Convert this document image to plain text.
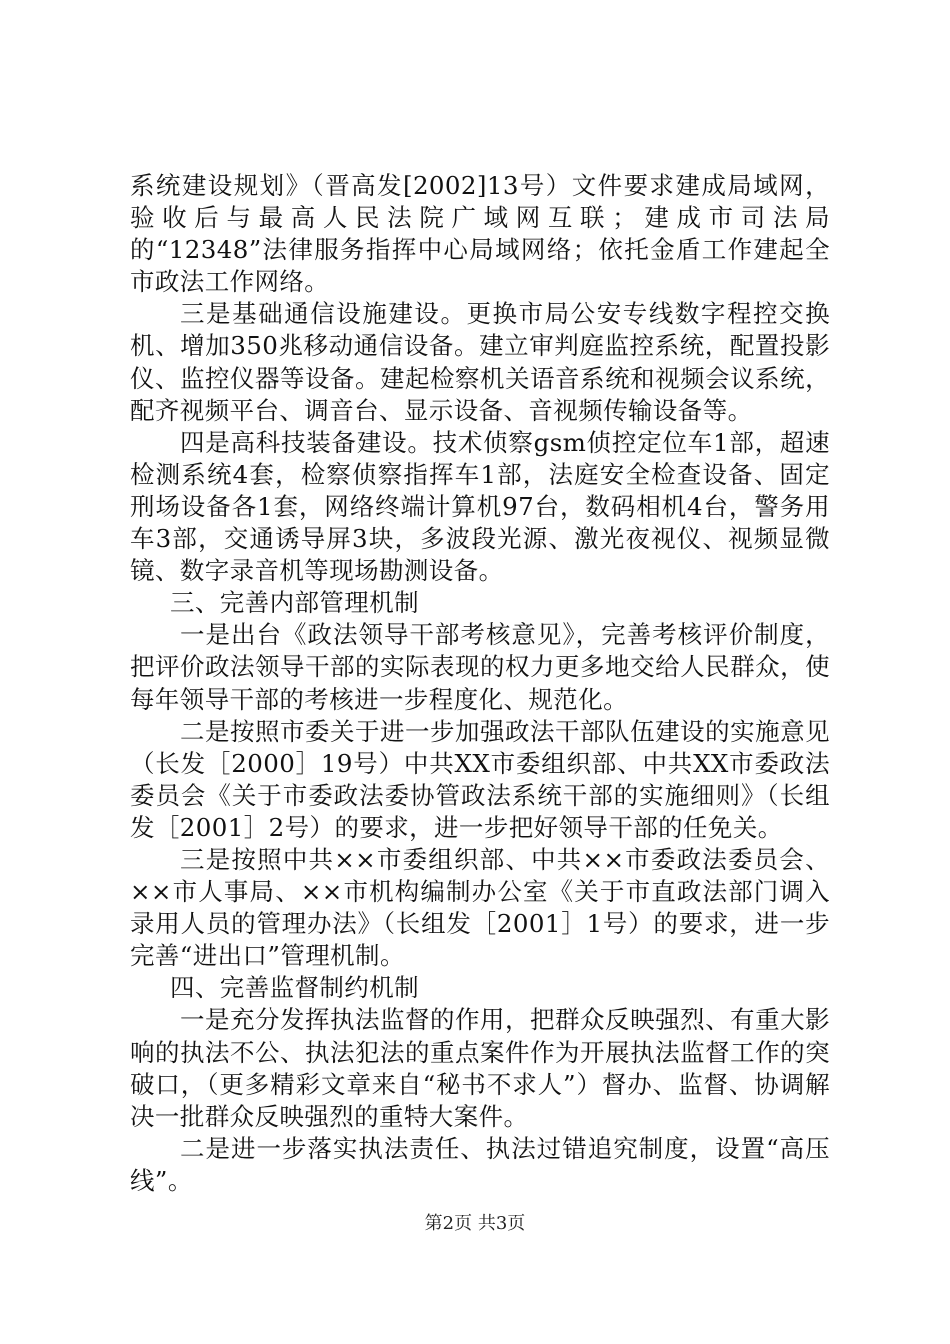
系统建设规划》（晋高发[2002]13号）文件要求建成局域网，验收后与最高人民法院广域网互联；建成市司法局的“12348”法律服务指挥中心局域网络；依托金盾工作建起全市政法工作网络。

三是基础通信设施建设。更换市局公安专线数字程控交换机、增加350兆移动通信设备。建立审判庭监控系统，配置投影仪、监控仪器等设备。建起检察机关语音系统和视频会议系统，配齐视频平台、调音台、显示设备、音视频传输设备等。

四是高科技装备建设。技术侦察gsm侦控定位车1部，超速检测系统4套，检察侦察指挥车1部，法庭安全检查设备、固定刑场设备各1套，网络终端计算机97台，数码相机4台，警务用车3部，交通诱导屏3块，多波段光源、激光夜视仪、视频显微镜、数字录音机等现场勘测设备。

三、完善内部管理机制

一是出台《政法领导干部考核意见》，完善考核评价制度，把评价政法领导干部的实际表现的权力更多地交给人民群众，使每年领导干部的考核进一步程度化、规范化。

二是按照市委关于进一步加强政法干部队伍建设的实施意见（长发［2000］19号）中共XX市委组织部、中共XX市委政法委员会《关于市委政法委协管政法系统干部的实施细则》（长组发［2001］2号）的要求，进一步把好领导干部的任免关。

三是按照中共××市委组织部、中共××市委政法委员会、××市人事局、××市机构编制办公室《关于市直政法部门调入录用人员的管理办法》（长组发［2001］1号）的要求，进一步完善“进出口”管理机制。

四、完善监督制约机制

一是充分发挥执法监督的作用，把群众反映强烈、有重大影响的执法不公、执法犯法的重点案件作为开展执法监督工作的突破口，（更多精彩文章来自“秘书不求人”）督办、监督、协调解决一批群众反映强烈的重特大案件。

二是进一步落实执法责任、执法过错追究制度，设置“高压线”。

第2页 共3页
